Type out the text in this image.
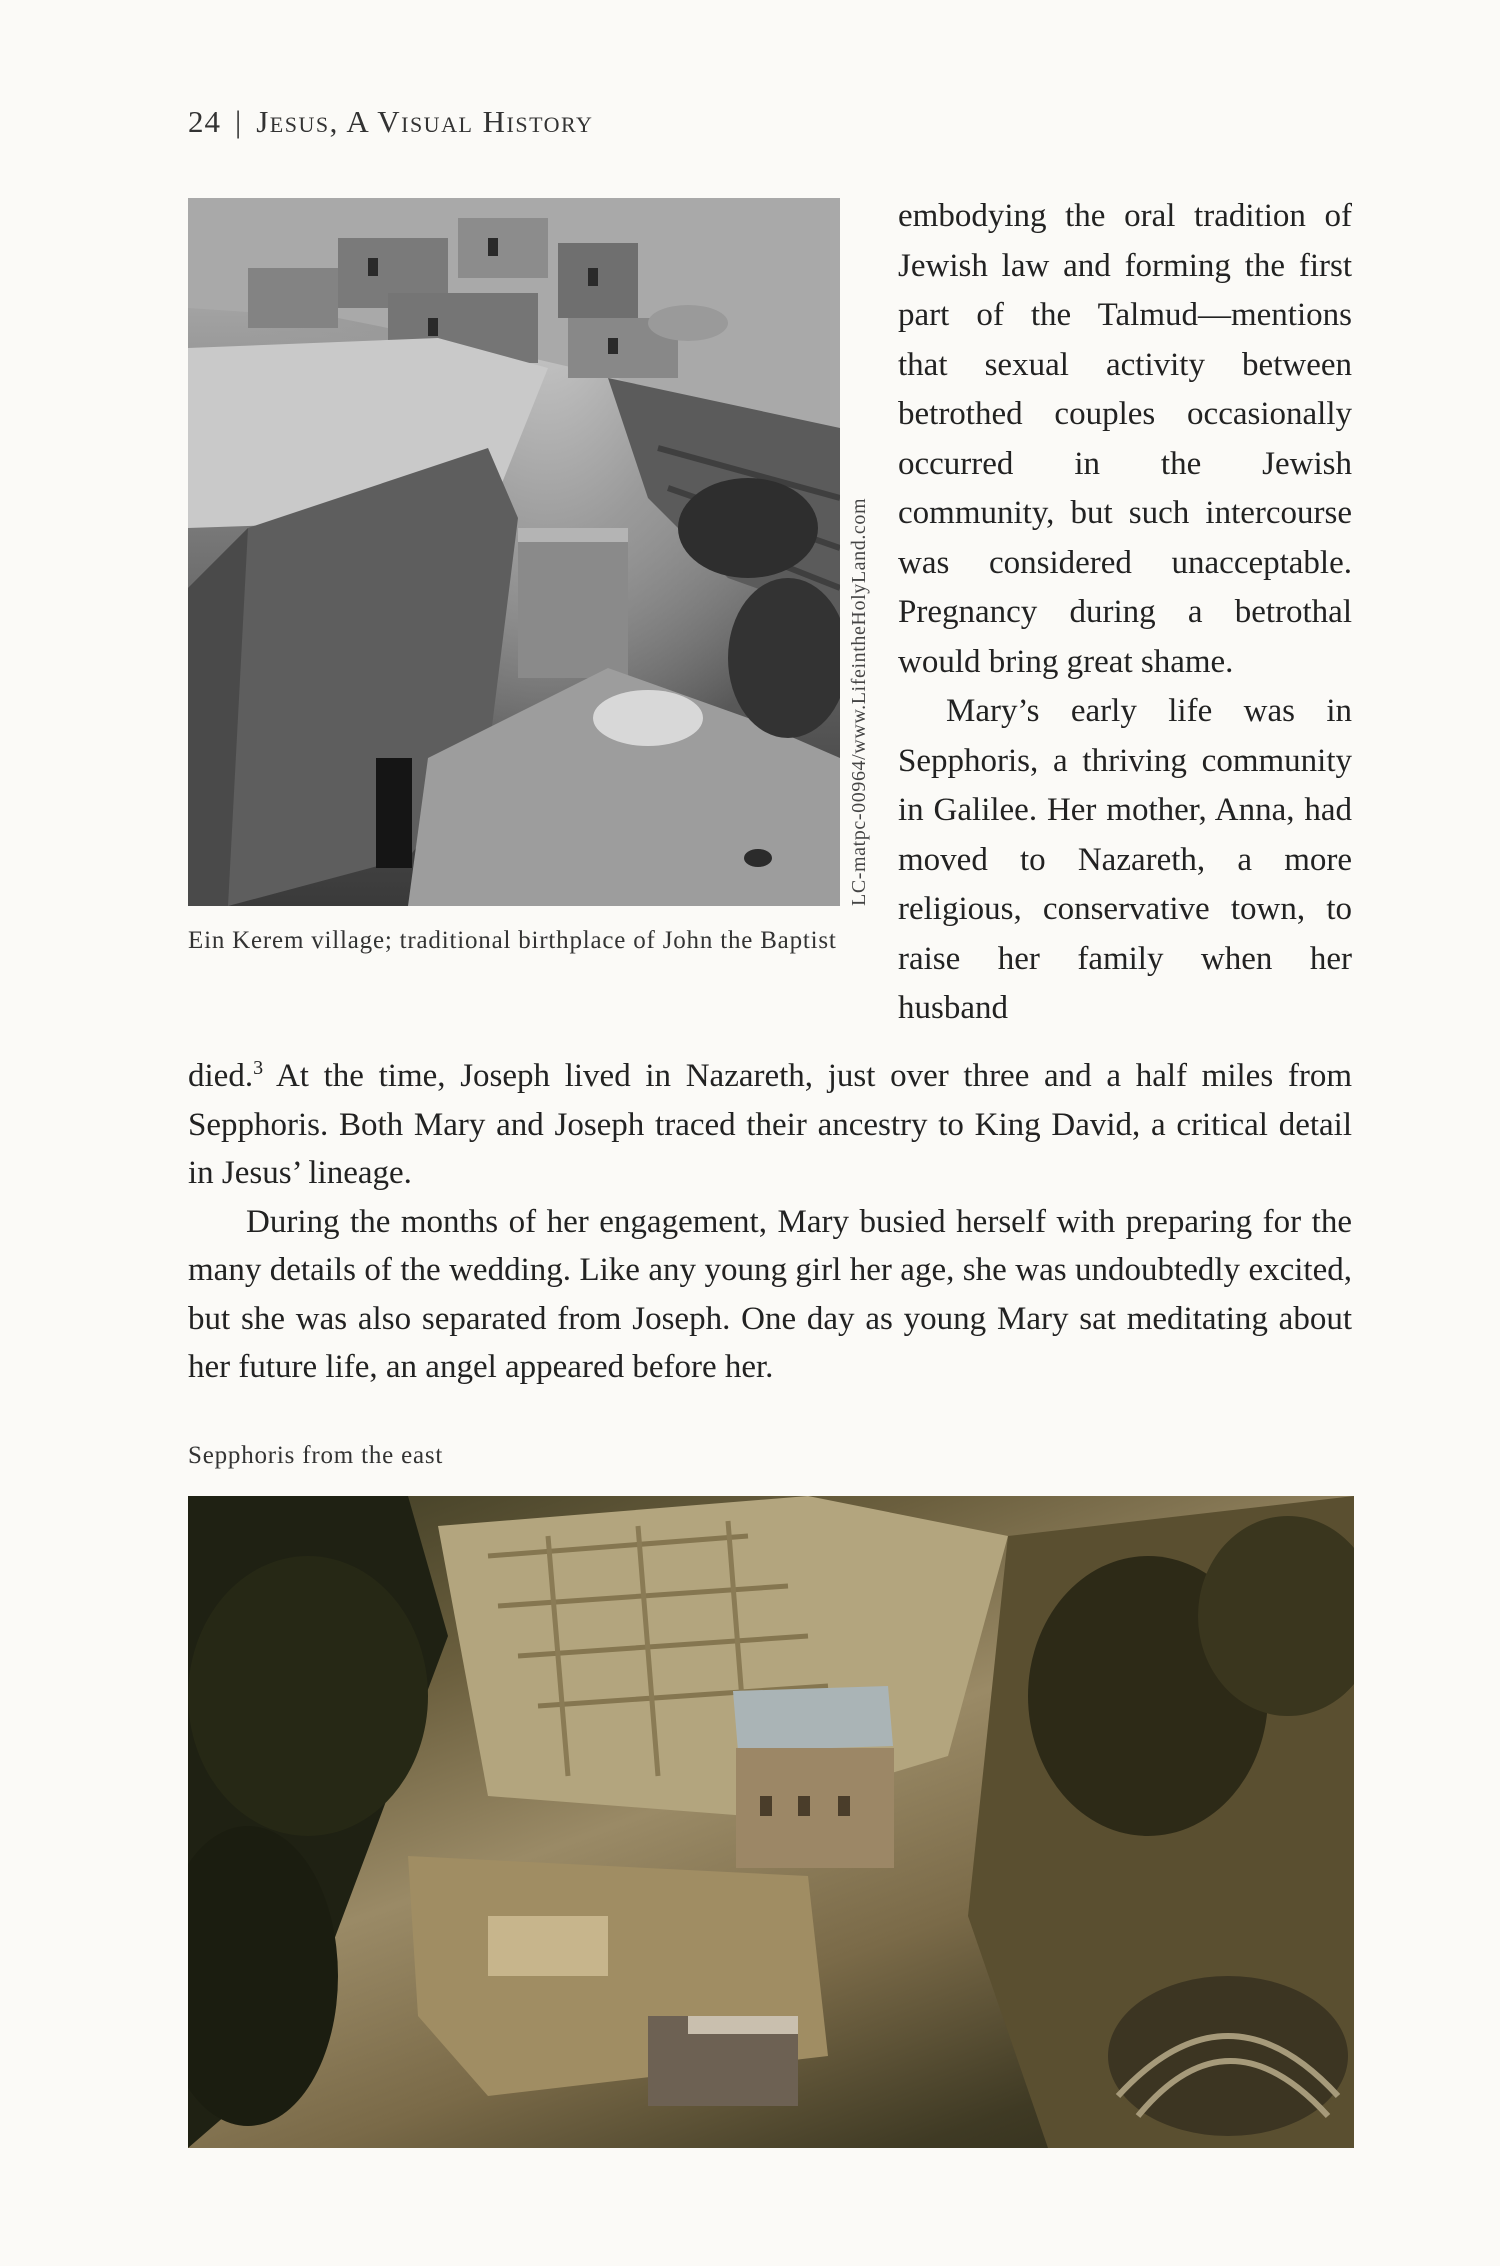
24 | Jesus, A Visual History
LC-matpc-00964/www.LifeintheHolyLand.com
Ein Kerem village; traditional birthplace of John the Baptist

embodying the oral tradition of Jewish law and forming the first part of the Talmud—mentions that sexual activity between betrothed couples occasionally occurred in the Jewish community, but such intercourse was considered unacceptable. Pregnancy during a betrothal would bring great shame.

Mary’s early life was in Sepphoris, a thriving community in Galilee. Her mother, Anna, had moved to Nazareth, a more religious, conservative town, to raise her family when her husband

died.$^3$ At the time, Joseph lived in Nazareth, just over three and a half miles from Sepphoris. Both Mary and Joseph traced their ancestry to King David, a critical detail in Jesus’ lineage.

During the months of her engagement, Mary busied herself with preparing for the many details of the wedding. Like any young girl her age, she was undoubtedly excited, but she was also separated from Joseph. One day as young Mary sat meditating about her future life, an angel appeared before her.

Sepphoris from the east
